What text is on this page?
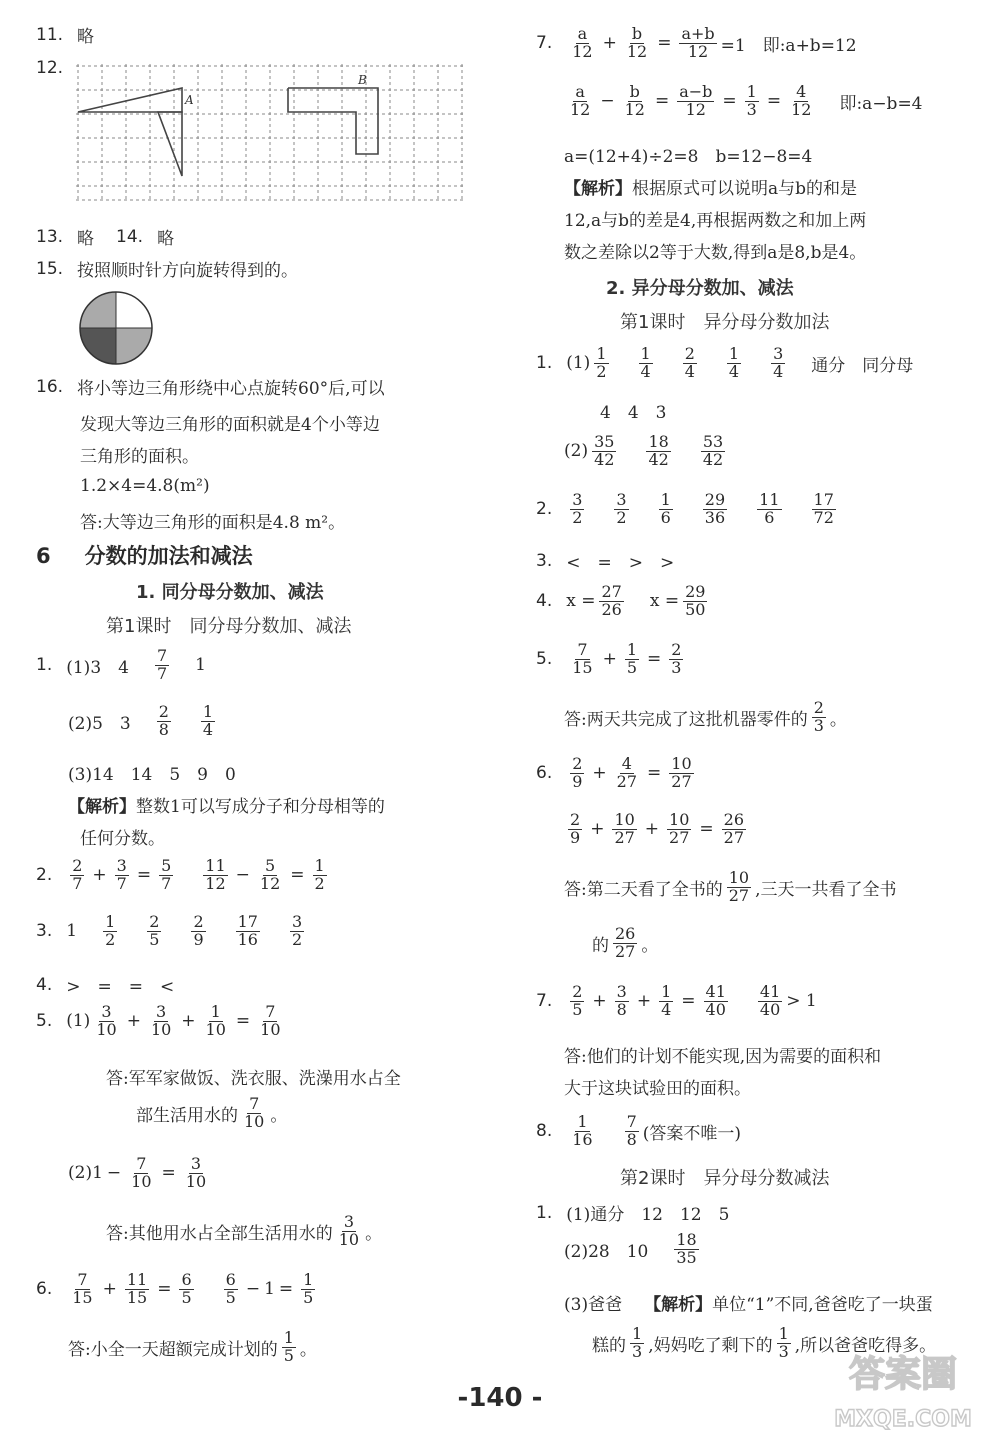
11. 略
12.
A
B
13. 略 14. 略
15. 按照顺时针方向旋转得到的。
16. 将小等边三角形绕中心点旋转60°后,可以
发现大等边三角形的面积就是4个小等边
三角形的面积。
1.2×4=4.8(m²)
答:大等边三角形的面积是4.8 m²。
6 分数的加法和减法
1. 同分母分数加、减法
第1课时　同分母分数加、减法
1. (1)3　$4 \frac{7}{7} 1$
(2)5　$3 \frac{2}{8} \frac{1}{4}$
(3)14　14　5　9　0
【解析】 整数1可以写成分子和分母相等的
任何分数。
2. $\frac{2}{7} + \frac{3}{7} = \frac{5}{7} \frac{11}{12} - \frac{5}{12} = \frac{1}{2}$
3. $1 \frac{1}{2} \frac{2}{5} \frac{2}{9} \frac{17}{16} \frac{3}{2}$
4. >　=　=　<
5. $(1) \frac{3}{10} + \frac{3}{10} + \frac{1}{10} = \frac{7}{10}$
答:军军家做饭、洗衣服、洗澡用水占全
部生活用水的 $\frac{7}{10}$ 。
$(2)1 - \frac{7}{10} = \frac{3}{10}$
答:其他用水占全部生活用水的 $\frac{3}{10}$ 。
6. $\frac{7}{15} + \frac{11}{15} = \frac{6}{5} \frac{6}{5} - 1 = \frac{1}{5}$
答:小全一天超额完成计划的 $\frac{1}{5}$ 。
7. $\frac{a}{12} + \frac{b}{12} = \frac{a+b}{12} =1$　即:a+b=12
$\frac{a}{12} - \frac{b}{12} = \frac{a-b}{12} = \frac{1}{3} = \frac{4}{12}$ 即:a−b=4
a=(12+4)÷2=8　b=12−8=4
【解析】 根据原式可以说明a与b的和是
12,a与b的差是4,再根据两数之和加上两
数之差除以2等于大数,得到a是8,b是4。
2. 异分母分数加、减法
第1课时　异分母分数加法
1. $(1) \frac{1}{2} \frac{1}{4} \frac{2}{4} \frac{1}{4} \frac{3}{4}$ 通分　同分母
4　4　3
$(2) \frac{35}{42} \frac{18}{42} \frac{53}{42}$
2. $\frac{3}{2} \frac{3}{2} \frac{1}{6} \frac{29}{36} \frac{11}{6} \frac{17}{72}$
3. <　=　>　>
4. $x = \frac{27}{26}$ $x = \frac{29}{50}$
5. $\frac{7}{15} + \frac{1}{5} = \frac{2}{3}$
答:两天共完成了这批机器零件的 $\frac{2}{3}$ 。
6. $\frac{2}{9} + \frac{4}{27} = \frac{10}{27}$
$\frac{2}{9} + \frac{10}{27} + \frac{10}{27} = \frac{26}{27}$
答:第二天看了全书的 $\frac{10}{27}$ ,三天一共看了全书
的 $\frac{26}{27}$ 。
7. $\frac{2}{5} + \frac{3}{8} + \frac{1}{4} = \frac{41}{40} \frac{41}{40} > 1$
答:他们的计划不能实现,因为需要的面积和
大于这块试验田的面积。
8. $\frac{1}{16} \frac{7}{8}$ (答案不唯一)
第2课时　异分母分数减法
1. (1)通分　12　12　5
(2)28　$10 \frac{18}{35}$
(3)爸爸 【解析】 单位“1”不同,爸爸吃了一块蛋
糕的 $\frac{1}{3}$ ,妈妈吃了剩下的 $\frac{1}{3}$ ,所以爸爸吃得多。
-140 -
答案圈
MXQE.COM
